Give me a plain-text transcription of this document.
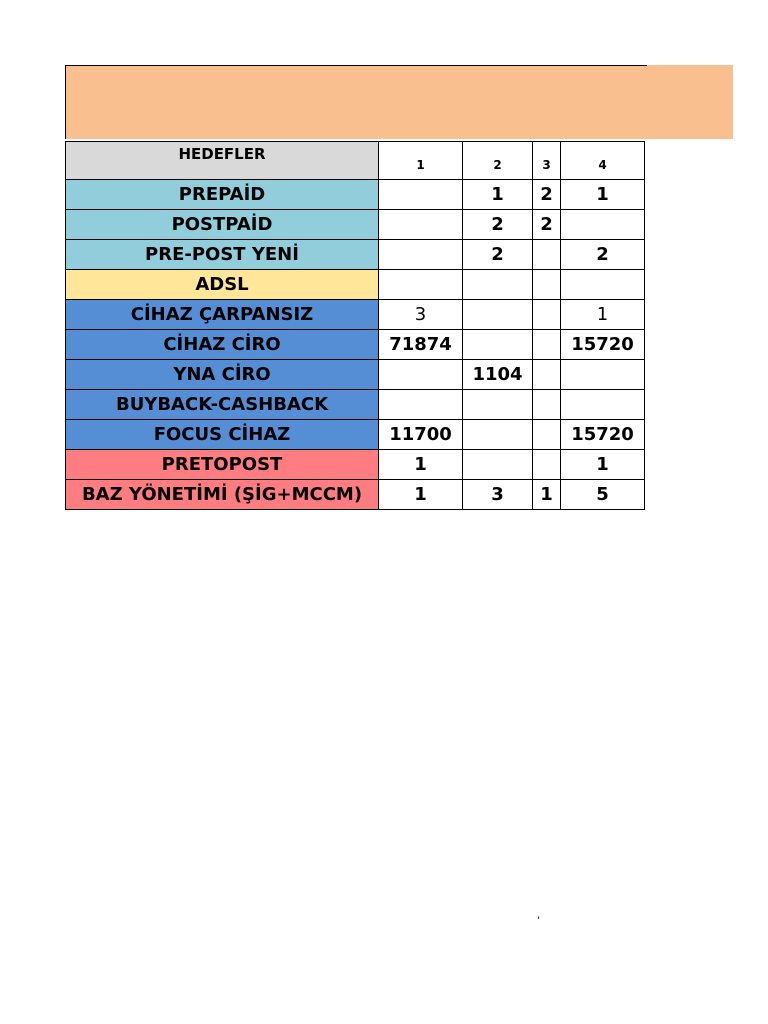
HEDEFLER	1	2	3	4
PREPAİD		1	2	1
POSTPAİD		2	2	
PRE-POST YENİ		2		2
ADSL				
CİHAZ ÇARPANSIZ	3			1
CİHAZ CİRO	71874			15720
YNA CİRO		1104		
BUYBACK-CASHBACK				
FOCUS CİHAZ	11700			15720
PRETOPOST	1			1
BAZ YÖNETİMİ (ŞİG+MCCM)	1	3	1	5
,
